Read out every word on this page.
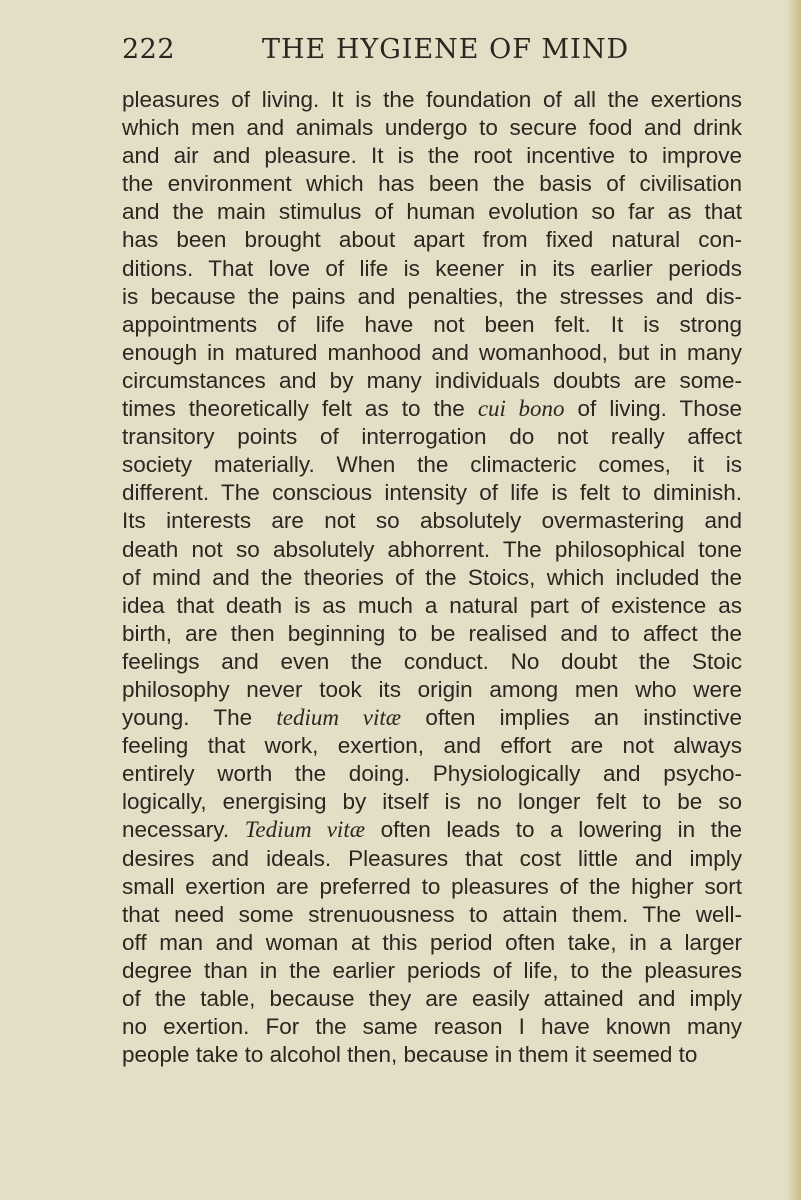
222	THE HYGIENE OF MIND
pleasures of living. It is the foundation of all the exertions
which men and animals undergo to secure food and drink
and air and pleasure. It is the root incentive to improve
the environment which has been the basis of civilisation
and the main stimulus of human evolution so far as that
has been brought about apart from fixed natural con-
ditions. That love of life is keener in its earlier periods
is because the pains and penalties, the stresses and dis-
appointments of life have not been felt. It is strong
enough in matured manhood and womanhood, but in many
circumstances and by many individuals doubts are some-
times theoretically felt as to the cui bono of living. Those
transitory points of interrogation do not really affect
society materially. When the climacteric comes, it is
different. The conscious intensity of life is felt to diminish.
Its interests are not so absolutely overmastering and
death not so absolutely abhorrent. The philosophical tone
of mind and the theories of the Stoics, which included the
idea that death is as much a natural part of existence as
birth, are then beginning to be realised and to affect the
feelings and even the conduct. No doubt the Stoic
philosophy never took its origin among men who were
young. The tedium vitæ often implies an instinctive
feeling that work, exertion, and effort are not always
entirely worth the doing. Physiologically and psycho-
logically, energising by itself is no longer felt to be so
necessary. Tedium vitæ often leads to a lowering in the
desires and ideals. Pleasures that cost little and imply
small exertion are preferred to pleasures of the higher sort
that need some strenuousness to attain them. The well-
off man and woman at this period often take, in a larger
degree than in the earlier periods of life, to the pleasures
of the table, because they are easily attained and imply
no exertion. For the same reason I have known many
people take to alcohol then, because in them it seemed to
